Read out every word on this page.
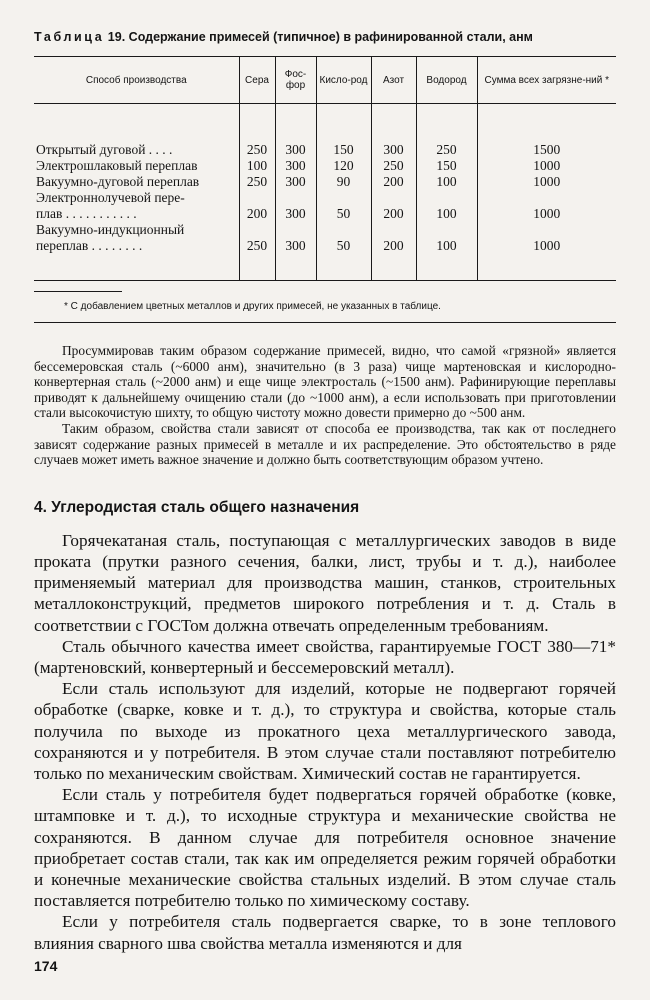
Таблица 19. Содержание примесей (типичное) в рафинированной стали, анм
Способ производства	Сера	Фос-фор	Кисло-род	Азот	Водород	Сумма всех загрязне-ний *

Открытый дуговой . . . .	250	300	150	300	250	1500

Электрошлаковый переплав	100	300	120	250	150	1000

Вакуумно-дуговой переплав	250	300	90	200	100	1000

Электроннолучевой пере-
плав . . . . . . . . . . .	200	300	50	200	100	1000

Вакуумно-индукционный
переплав . . . . . . . .	250	300	50	200	100	1000

* С добавлением цветных металлов и других примесей, не указанных в таблице.

Просуммировав таким образом содержание примесей, видно, что самой «грязной» является бессемеровская сталь (~6000 анм), значительно (в 3 раза) чище мартеновская и кислородно-конвертерная сталь (~2000 анм) и еще чище электросталь (~1500 анм). Рафинирующие переплавы приводят к дальнейшему очищению стали (до ~1000 анм), а если использовать при приготовлении стали высокочистую шихту, то общую чистоту можно довести примерно до ~500 анм.

Таким образом, свойства стали зависят от способа ее производства, так как от последнего зависят содержание разных примесей в металле и их распределение. Это обстоятельство в ряде случаев может иметь важное значение и должно быть соответствующим образом учтено.

4. Углеродистая сталь общего назначения

Горячекатаная сталь, поступающая с металлургических заводов в виде проката (прутки разного сечения, балки, лист, трубы и т. д.), наиболее применяемый материал для производства машин, станков, строительных металлоконструкций, предметов широкого потребления и т. д. Сталь в соответствии с ГОСТом должна отвечать определенным требованиям.

Сталь обычного качества имеет свойства, гарантируемые ГОСТ 380—71* (мартеновский, конвертерный и бессемеровский металл).

Если сталь используют для изделий, которые не подвергают горячей обработке (сварке, ковке и т. д.), то структура и свойства, которые сталь получила по выходе из прокатного цеха металлургического завода, сохраняются и у потребителя. В этом случае стали поставляют потребителю только по механическим свойствам. Химический состав не гарантируется.

Если сталь у потребителя будет подвергаться горячей обработке (ковке, штамповке и т. д.), то исходные структура и механические свойства не сохраняются. В данном случае для потребителя основное значение приобретает состав стали, так как им определяется режим горячей обработки и конечные механические свойства стальных изделий. В этом случае сталь поставляется потребителю только по химическому составу.

Если у потребителя сталь подвергается сварке, то в зоне теплового влияния сварного шва свойства металла изменяются и для

174
